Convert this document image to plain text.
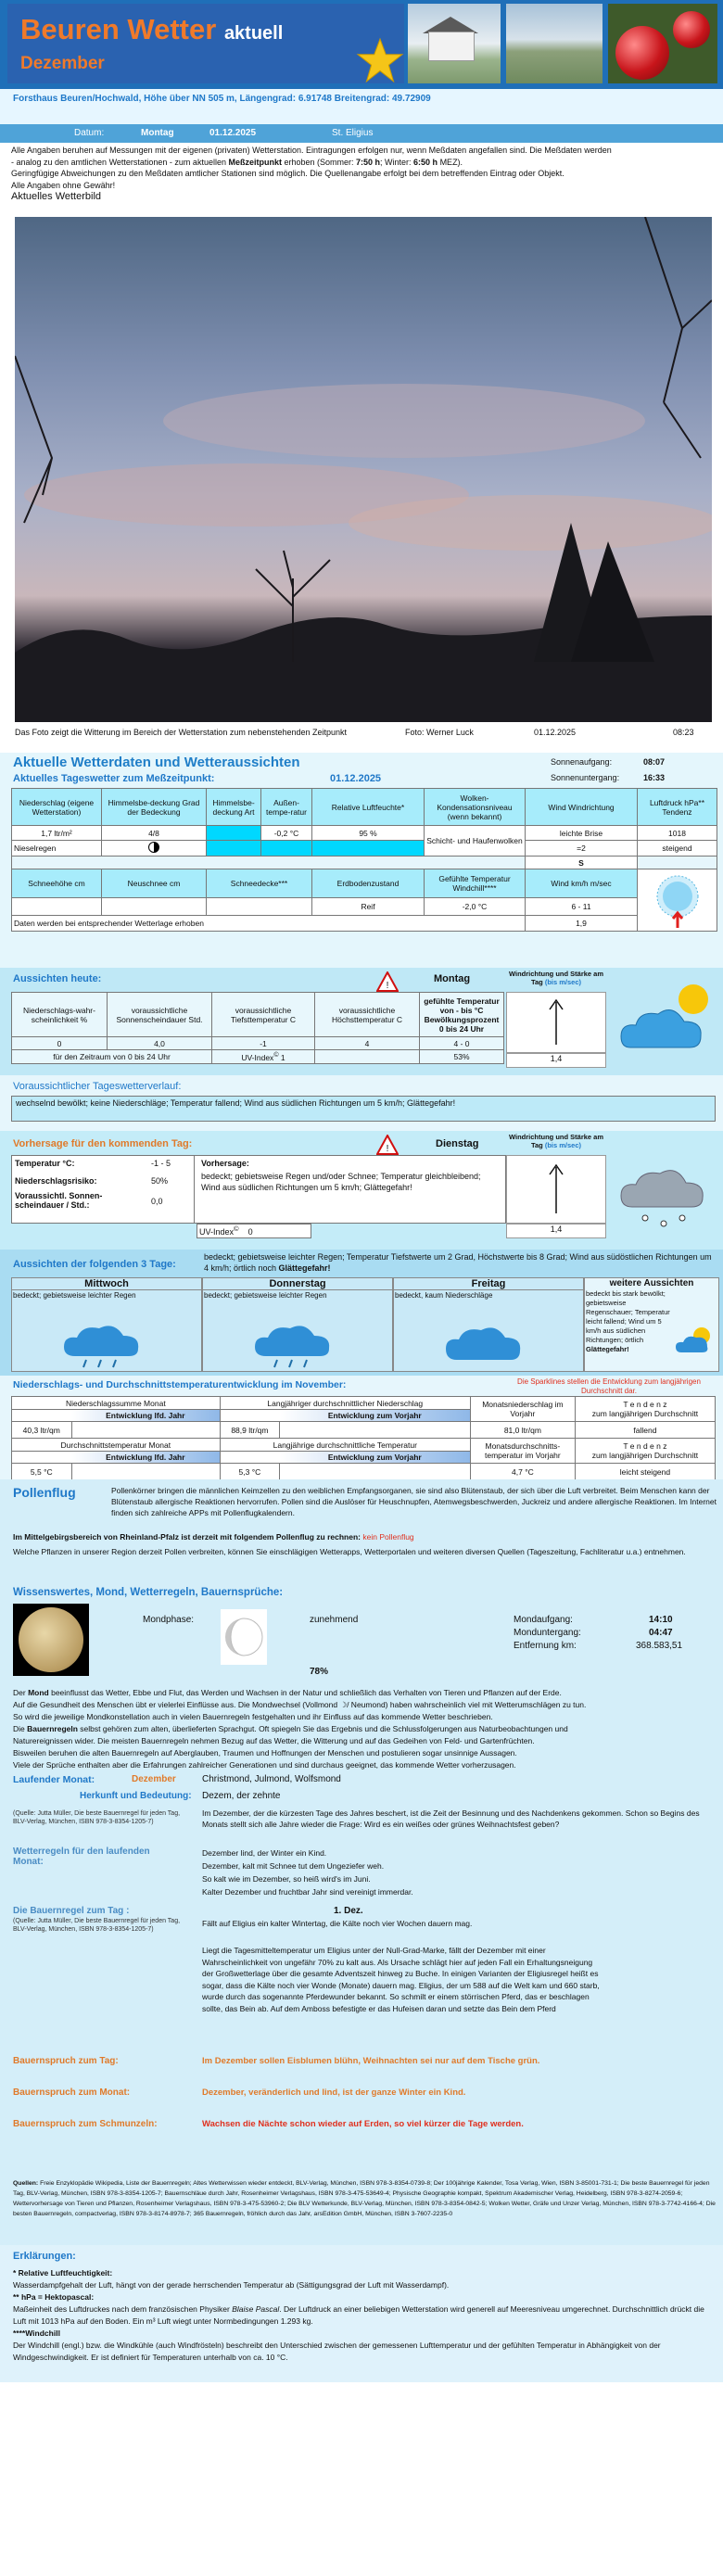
Beuren Wetter aktuell
Dezember
Forsthaus Beuren/Hochwald, Höhe über NN 505 m, Längengrad: 6.91748 Breitengrad: 49.72909
Datum:	Montag	01.12.2025	St. Eligius
Alle Angaben beruhen auf Messungen mit der eigenen (privaten) Wetterstation. Eintragungen erfolgen nur, wenn Meßdaten angefallen sind. Die Meßdaten werden
- analog zu den amtlichen Wetterstationen - zum aktuellen Meßzeitpunkt erhoben (Sommer: 7:50 h; Winter: 6:50 h MEZ).
Geringfügige Abweichungen zu den Meßdaten amtlicher Stationen sind möglich. Die Quellenangabe erfolgt bei dem betreffenden Eintrag oder Objekt.
Alle Angaben ohne Gewähr!
Aktuelles Wetterbild
Das Foto zeigt die Witterung im Bereich der Wetterstation zum nebenstehenden Zeitpunkt	Foto: Werner Luck	01.12.2025	08:23
Aktuelle Wetterdaten und Wetteraussichten	Sonnenaufgang:	08:07
Aktuelles Tageswetter zum Meßzeitpunkt:	01.12.2025	Sonnenuntergang:	16:33
Niederschlag (eigene Wetterstation)	Himmelsbe-deckung Grad der Bedeckung	Himmelsbe-deckung Art	Außen-tempe-ratur	Relative Luftfeuchte*	Wolken-Kondensationsniveau (wenn bekannt)	Wind Windrichtung	Luftdruck hPa** Tendenz
1,7 ltr/m²	4/8		-0,2 °C	95 %	Schicht- und Haufenwolken	leichte Brise	1018
Nieselregen						=2	steigend
						S	
Schneehöhe cm	Neuschnee cm	Schneedecke***		Erdbodenzustand	Gefühlte Temperatur Windchill****	Wind km/h m/sec	
				Reif	-2,0 °C	6 - 11	
Daten werden bei entsprechender Wetterlage erhoben						1,9	
Aussichten heute:
!
Montag	Windrichtung und Stärke am Tag (bis m/sec)
Niederschlags-wahr-scheinlichkeit %	voraussichtliche Sonnenscheindauer Std.	voraussichtliche Tiefsttemperatur C	voraussichtliche Höchsttemperatur C	gefühlte Temperatur von - bis °C Bewölkungsprozent 0 bis 24 Uhr
0	4,0	-1	4	4 - 0
für den Zeitraum von 0 bis 24 Uhr		UV-Index© 1		53%	1,4
Voraussichtlicher Tageswetterverlauf:
wechselnd bewölkt; keine Niederschläge; Temperatur fallend; Wind aus südlichen Richtungen um 5 km/h; Glättegefahr!
Vorhersage für den kommenden Tag:	!	Dienstag
Windrichtung und Stärke am Tag (bis m/sec)
Temperatur °C:	-1 - 5
Niederschlagsrisiko:	50%
Voraussichtl. Sonnen-scheindauer / Std.:	0,0
Vorhersage:
bedeckt; gebietsweise Regen und/oder Schnee; Temperatur gleichbleibend; Wind aus südlichen Richtungen um 5 km/h; Glättegefahr!
UV-Index© 0	1,4
Aussichten der folgenden 3 Tage:
bedeckt; gebietsweise leichter Regen; Temperatur Tiefstwerte um 2 Grad, Höchstwerte bis 8 Grad; Wind aus südöstlichen Richtungen um 4 km/h; örtlich noch Glättegefahr!
Mittwoch
bedeckt; gebietsweise leichter Regen
Donnerstag
bedeckt; gebietsweise leichter Regen
Freitag
bedeckt, kaum Niederschläge
weitere Aussichten
bedeckt bis stark bewölkt; gebietsweise Regenschauer; Temperatur leicht fallend; Wind um 5 km/h aus südlichen Richtungen; örtlich Glättegefahr!
Niederschlags- und Durchschnittstemperaturentwicklung im November:	Die Sparklines stellen die Entwicklung zum langjährigen Durchschnitt dar.
Niederschlagssumme Monat		Langjähriger durchschnittlicher Niederschlag		Monatsniederschlag im Vorjahr	T e n d e n z
zum langjährigen Durchschnitt

	Entwicklung lfd. Jahr		Entwicklung zum Vorjahr		
40,3 ltr/qm		88,9 ltr/qm		81,0 ltr/qm	fallend
Durchschnittstemperatur Monat		Langjährige durchschnittliche Temperatur		Monatsdurchschnitts-temperatur im Vorjahr	T e n d e n z
zum langjährigen Durchschnitt

	Entwicklung lfd. Jahr		Entwicklung zum Vorjahr		
5,5 °C		5,3 °C		4,7 °C	leicht steigend
Pollenflug	Pollenkörner bringen die männlichen Keimzellen zu den weiblichen Empfangsorganen, sie sind also Blütenstaub, der sich über die Luft verbreitet. Beim Menschen kann der Blütenstaub allergische Reaktionen hervorrufen. Pollen sind die Auslöser für Heuschnupfen, Atemwegsbeschwerden, Juckreiz und andere allergische Reaktionen. Im Internet finden sich zahlreiche APPs mit Pollenflugkalendern.
Im Mittelgebirgsbereich von Rheinland-Pfalz ist derzeit mit folgendem Pollenflug zu rechnen: kein Pollenflug
Welche Pflanzen in unserer Region derzeit Pollen verbreiten, können Sie einschlägigen Wetterapps, Wetterportalen und weiteren diversen Quellen (Tageszeitung, Fachliteratur u.a.) entnehmen.
Wissenswertes, Mond, Wetterregeln, Bauernsprüche:
Mondphase:	zunehmend
78%
Mondaufgang:	14:10
Monduntergang:	04:47
Entfernung km:	368.583,51
Der Mond beeinflusst das Wetter, Ebbe und Flut, das Werden und Wachsen in der Natur und schließlich das Verhalten von Tieren und Pflanzen auf der Erde.
Auf die Gesundheit des Menschen übt er vielerlei Einflüsse aus. Die Mondwechsel (Vollmond ☽/ Neumond) haben wahrscheinlich viel mit Wetterumschlägen zu tun.
So wird die jeweilige Mondkonstellation auch in vielen Bauernregeln festgehalten und ihr Einfluss auf das kommende Wetter beschrieben.
Die Bauernregeln selbst gehören zum alten, überlieferten Sprachgut. Oft spiegeln Sie das Ergebnis und die Schlussfolgerungen aus Naturbeobachtungen und
Naturereignissen wider. Die meisten Bauernregeln nehmen Bezug auf das Wetter, die Witterung und auf das Gedeihen von Feld- und Gartenfrüchten.
Bisweilen beruhen die alten Bauernregeln auf Aberglauben, Traumen und Hoffnungen der Menschen und postulieren sogar unsinnige Aussagen.
Viele der Sprüche enthalten aber die Erfahrungen zahlreicher Generationen und sind durchaus geeignet, das kommende Wetter vorherzusagen.
Laufender Monat:	Dezember	Christmond, Julmond, Wolfsmond
Herkunft und Bedeutung: Dezem, der zehnte
(Quelle: Jutta Müller, Die beste Bauernregel für jeden Tag, BLV-Verlag, München, ISBN 978-3-8354-1205-7)
Im Dezember, der die kürzesten Tage des Jahres beschert, ist die Zeit der Besinnung und des Nachdenkens gekommen. Schon so Begins des Monats stellt sich alle Jahre wieder die Frage: Wird es ein weißes oder grünes Weihnachtsfest geben?
Wetterregeln für den laufenden Monat:
Dezember lind, der Winter ein Kind.
Dezember, kalt mit Schnee tut dem Ungeziefer weh.
So kalt wie im Dezember, so heiß wird's im Juni.
Kalter Dezember und fruchtbar Jahr sind vereinigt immerdar.
Die Bauernregel zum Tag :
(Quelle: Jutta Müller, Die beste Bauernregel für jeden Tag, BLV-Verlag, München, ISBN 978-3-8354-1205-7)
1. Dez.
Fällt auf Eligius ein kalter Wintertag, die Kälte noch vier Wochen dauern mag.
Liegt die Tagesmitteltemperatur um Eligius unter der Null-Grad-Marke, fällt der Dezember mit einer Wahrscheinlichkeit von ungefähr 70% zu kalt aus. Als Ursache schlägt hier auf jeden Fall ein Erhaltungsneigung der Großwetterlage über die gesamte Adventszeit hinweg zu Buche. In einigen Varianten der Eligiusregel heißt es sogar, dass die Kälte noch vier Wonde (Monate) dauern mag. Eligius, der um 588 auf die Welt kam und 660 starb, wurde durch das sogenannte Pferdewunder bekannt. So schmilt er einem störrischen Pferd, das er beschlagen sollte, das Bein ab. Auf dem Amboss befestigte er das Hufeisen daran und setzte das Bein dem Pferd
Bauernspruch zum Tag:	Im Dezember sollen Eisblumen blühn, Weihnachten sei nur auf dem Tische grün.
Bauernspruch zum Monat:	Dezember, veränderlich und lind, ist der ganze Winter ein Kind.
Bauernspruch zum Schmunzeln:	Wachsen die Nächte schon wieder auf Erden, so viel kürzer die Tage werden.
Quellen: Freie Enzyklopädie Wikipedia, Liste der Bauernregeln; Altes Wetterwissen wieder entdeckt, BLV-Verlag, München, ISBN 978-3-8354-0739-8; Der 100jährige Kalender, Tosa Verlag, Wien, ISBN 3-85001-731-1; Die beste Bauernregel für jeden Tag, BLV-Verlag, München, ISBN 978-3-8354-1205-7; Bauernschläue durch Jahr, Rosenheimer Verlagshaus, ISBN 978-3-475-53649-4; Physische Geographie kompakt, Spektrum Akademischer Verlag, Heidelberg, ISBN 978-3-8274-2059-6; Wettervorhersage von Tieren und Pflanzen, Rosenheimer Verlagshaus, ISBN 978-3-475-53960-2; Die BLV Wetterkunde, BLV-Verlag, München, ISBN 978-3-8354-0842-5; Wolken Wetter, Gräfe und Unzer Verlag, München, ISBN 978-3-7742-4166-4; Die besten Bauernregeln, compactverlag, ISBN 978-3-8174-8978-7; 365 Bauernregeln, fröhlich durch das Jahr, arsEdition GmbH, München, ISBN 3-7607-2235-0
Erklärungen:
* Relative Luftfeuchtigkeit:
Wasserdampfgehalt der Luft, hängt von der gerade herrschenden Temperatur ab (Sättigungsgrad der Luft mit Wasserdampf).
** hPa = Hektopascal:
Maßeinheit des Luftdruckes nach dem französischen Physiker Blaise Pascal. Der Luftdruck an einer beliebigen Wetterstation wird generell auf Meeresniveau umgerechnet. Durchschnittlich drückt die Luft mit 1013 hPa auf den Boden. Ein m³ Luft wiegt unter Normbedingungen 1.293 kg.
****Windchill
Der Windchill (engl.) bzw. die Windkühle (auch Windfrösteln) beschreibt den Unterschied zwischen der gemessenen Lufttemperatur und der gefühlten Temperatur in Abhängigkeit von der Windgeschwindigkeit. Er ist definiert für Temperaturen unterhalb von ca. 10 °C.
